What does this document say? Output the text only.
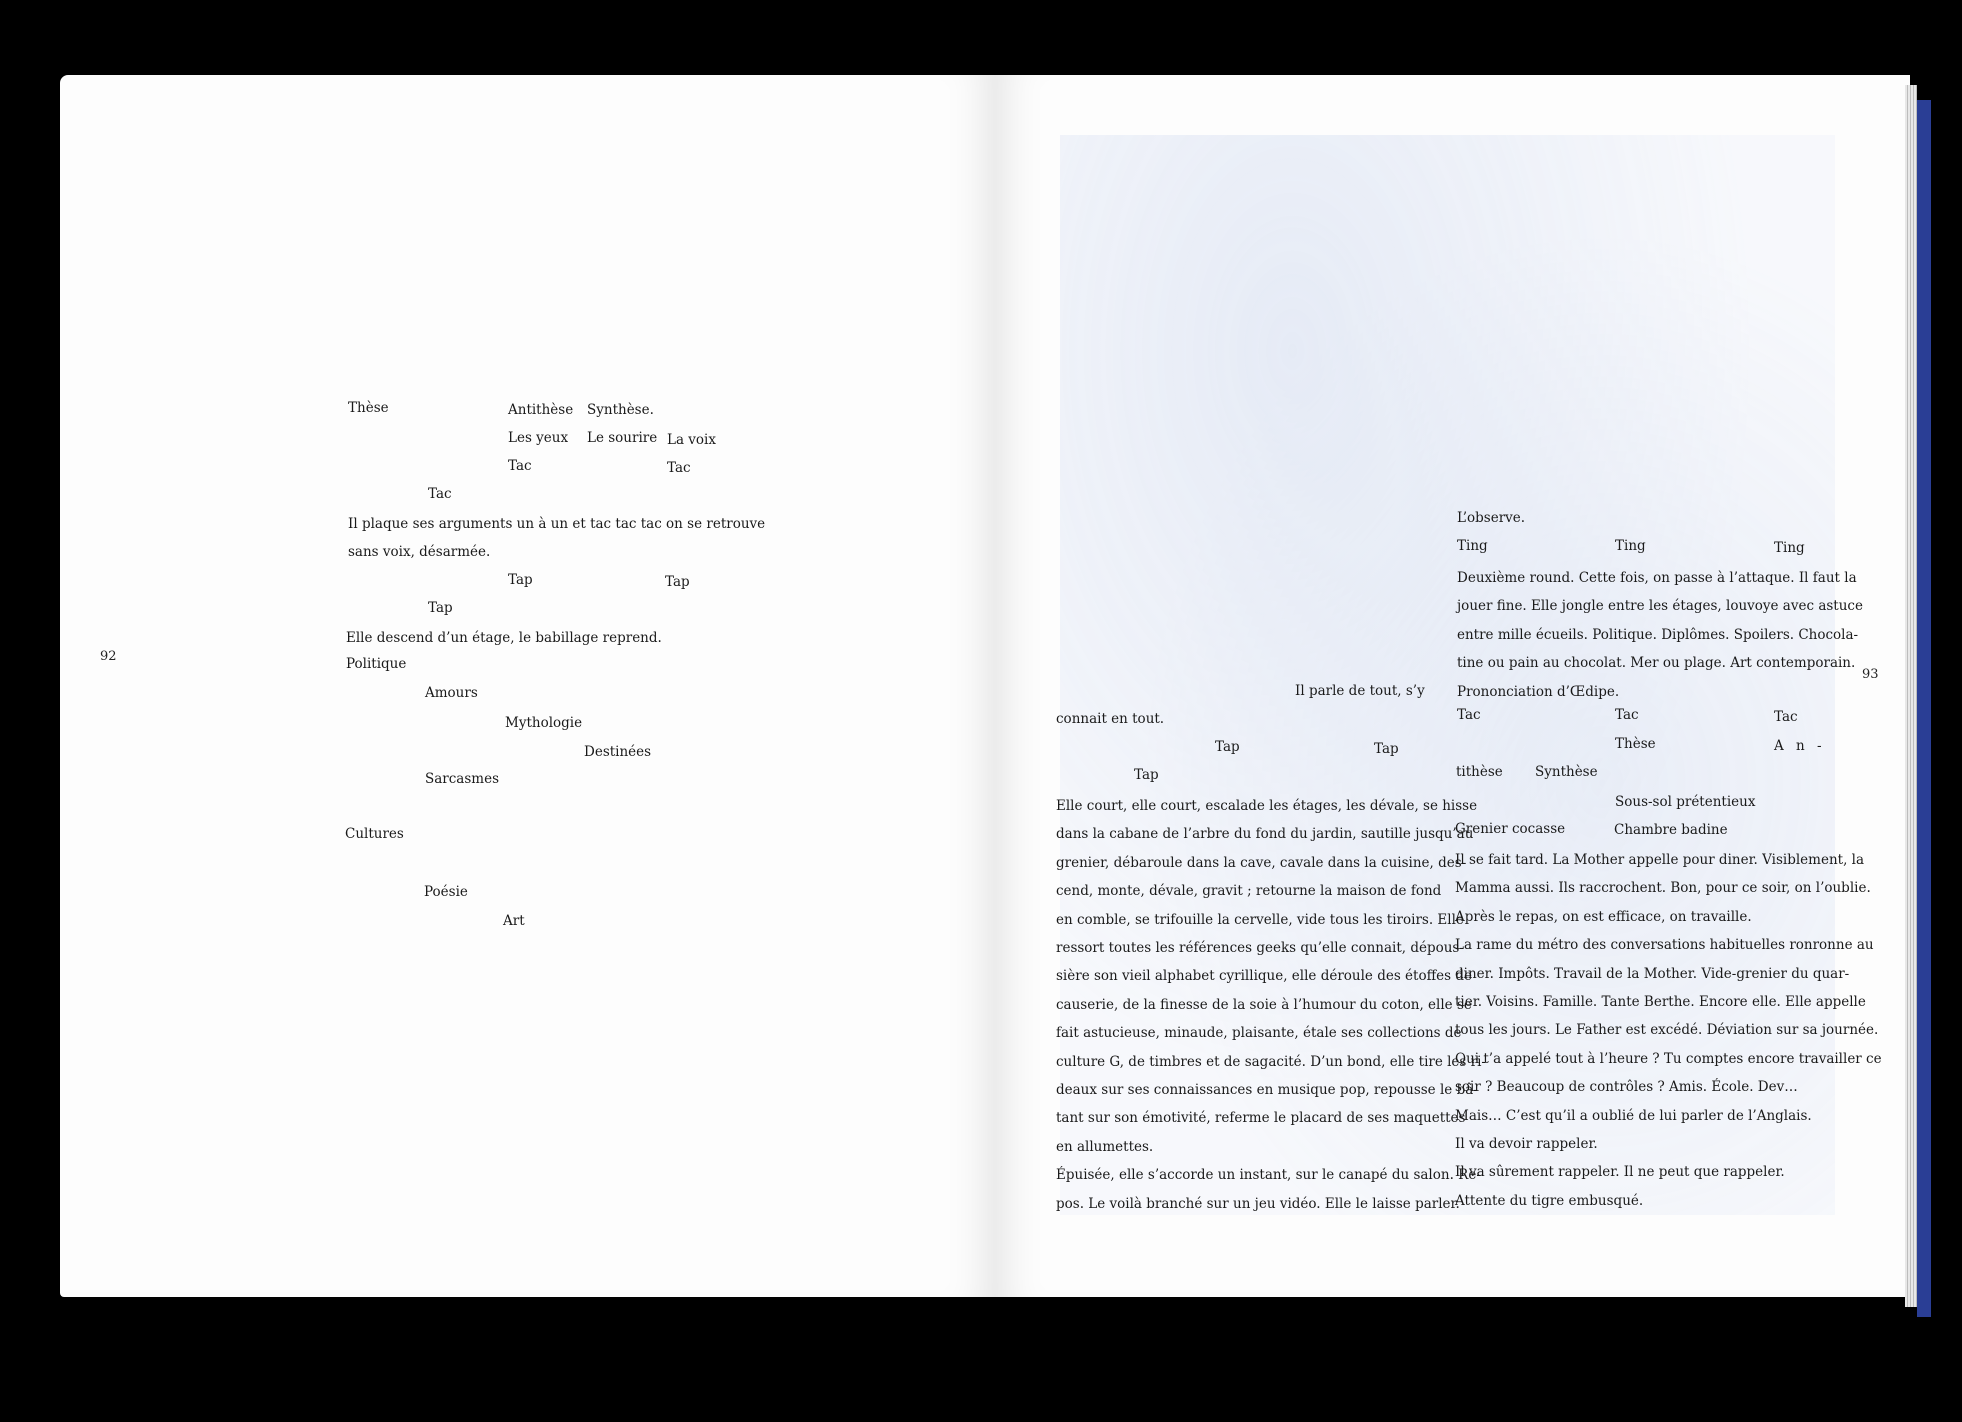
92
Thèse	Antithèse Synthèse.
Les yeux Le sourire La voix
Tac	Tac
Tac
Il plaque ses arguments un à un et tac tac tac on se retrouve
sans voix, désarmée.
Tap	Tap
Tap
Elle descend d’un étage, le babillage reprend.
Politique
Amours
Mythologie
Destinées
Sarcasmes
Cultures
Poésie
Art
Il parle de tout, s’y
connait en tout.
Tap	Tap
Tap
Elle court, elle court, escalade les étages, les dévale, se hisse
dans la cabane de l’arbre du fond du jardin, sautille jusqu’au
grenier, débaroule dans la cave, cavale dans la cuisine, des-
cend, monte, dévale, gravit ; retourne la maison de fond
en comble, se trifouille la cervelle, vide tous les tiroirs. Elle
ressort toutes les références geeks qu’elle connait, dépous-
sière son vieil alphabet cyrillique, elle déroule des étoffes de
causerie, de la finesse de la soie à l’humour du coton, elle se
fait astucieuse, minaude, plaisante, étale ses collections de
culture G, de timbres et de sagacité. D’un bond, elle tire les ri-
deaux sur ses connaissances en musique pop, repousse le bâ-
tant sur son émotivité, referme le placard de ses maquettes
en allumettes.
Épuisée, elle s’accorde un instant, sur le canapé du salon. Re-
pos. Le voilà branché sur un jeu vidéo. Elle le laisse parler.
L’observe.
Ting	Ting	Ting
Deuxième round. Cette fois, on passe à l’attaque. Il faut la
jouer fine. Elle jongle entre les étages, louvoye avec astuce
entre mille écueils. Politique. Diplômes. Spoilers. Chocola-
tine ou pain au chocolat. Mer ou plage. Art contemporain.
Prononciation d’Œdipe.
93
Tac	Tac	Tac
Thèse	A n -
tithèse Synthèse
Sous-sol prétentieux
Grenier cocasse	Chambre badine
Il se fait tard. La Mother appelle pour diner. Visiblement, la
Mamma aussi. Ils raccrochent. Bon, pour ce soir, on l’oublie.
Après le repas, on est efficace, on travaille.
La rame du métro des conversations habituelles ronronne au
diner. Impôts. Travail de la Mother. Vide-grenier du quar-
tier. Voisins. Famille. Tante Berthe. Encore elle. Elle appelle
tous les jours. Le Father est excédé. Déviation sur sa journée.
Qui t’a appelé tout à l’heure ? Tu comptes encore travailler ce
soir ? Beaucoup de contrôles ? Amis. École. Dev…
Mais… C’est qu’il a oublié de lui parler de l’Anglais.
Il va devoir rappeler.
Il va sûrement rappeler. Il ne peut que rappeler.
Attente du tigre embusqué.
